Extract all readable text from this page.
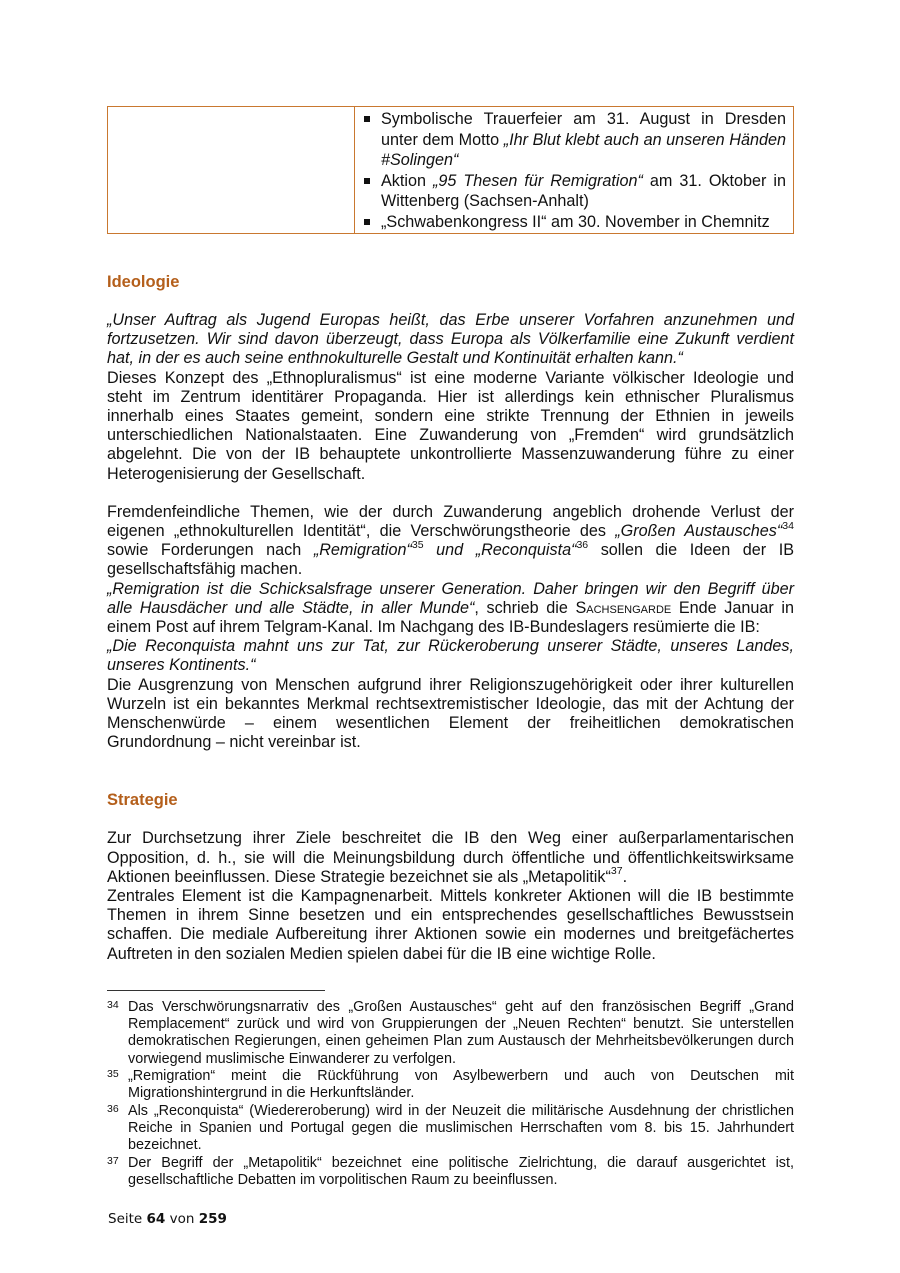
Symbolische Trauerfeier am 31. August in Dresden unter dem Motto „Ihr Blut klebt auch an unseren Händen #Solingen“
Aktion „95 Thesen für Remigration“ am 31. Oktober in Wittenberg (Sachsen-Anhalt)
„Schwabenkongress II“ am 30. November in Chemnitz
Ideologie

„Unser Auftrag als Jugend Europas heißt, das Erbe unserer Vorfahren anzunehmen und fortzusetzen. Wir sind davon überzeugt, dass Europa als Völkerfamilie eine Zukunft verdient hat, in der es auch seine enthnokulturelle Gestalt und Kontinuität erhalten kann.“

Dieses Konzept des „Ethnopluralismus“ ist eine moderne Variante völkischer Ideologie und steht im Zentrum identitärer Propaganda. Hier ist allerdings kein ethnischer Pluralismus innerhalb eines Staates gemeint, sondern eine strikte Trennung der Ethnien in jeweils unterschiedlichen Nationalstaaten. Eine Zuwanderung von „Fremden“ wird grundsätzlich abgelehnt. Die von der IB behauptete unkontrollierte Massenzuwanderung führe zu einer Heterogenisierung der Gesellschaft.

Fremdenfeindliche Themen, wie der durch Zuwanderung angeblich drohende Verlust der eigenen „ethnokulturellen Identität“, die Verschwörungstheorie des „Großen Austausches“$^{34}$ sowie Forderungen nach „Remigration“$^{35}$ und „Reconquista“$^{36}$ sollen die Ideen der IB gesellschaftsfähig machen.

„Remigration ist die Schicksalsfrage unserer Generation. Daher bringen wir den Begriff über alle Hausdächer und alle Städte, in aller Munde“, schrieb die Sachsengarde Ende Januar in einem Post auf ihrem Telgram-Kanal. Im Nachgang des IB-Bundeslagers resümierte die IB:

„Die Reconquista mahnt uns zur Tat, zur Rückeroberung unserer Städte, unseres Landes, unseres Kontinents.“

Die Ausgrenzung von Menschen aufgrund ihrer Religionszugehörigkeit oder ihrer kulturellen Wurzeln ist ein bekanntes Merkmal rechtsextremistischer Ideologie, das mit der Achtung der Menschenwürde – einem wesentlichen Element der freiheitlichen demokratischen Grundordnung – nicht vereinbar ist.

Strategie

Zur Durchsetzung ihrer Ziele beschreitet die IB den Weg einer außerparlamentarischen Opposition, d. h., sie will die Meinungsbildung durch öffentliche und öffentlichkeitswirksame Aktionen beeinflussen. Diese Strategie bezeichnet sie als „Metapolitik“$^{37}$.

Zentrales Element ist die Kampagnenarbeit. Mittels konkreter Aktionen will die IB bestimmte Themen in ihrem Sinne besetzen und ein entsprechendes gesellschaftliches Bewusstsein schaffen. Die mediale Aufbereitung ihrer Aktionen sowie ein modernes und breitgefächertes Auftreten in den sozialen Medien spielen dabei für die IB eine wichtige Rolle.

34 Das Verschwörungsnarrativ des „Großen Austausches“ geht auf den französischen Begriff „Grand Remplacement“ zurück und wird von Gruppierungen der „Neuen Rechten“ benutzt. Sie unterstellen demokratischen Regierungen, einen geheimen Plan zum Austausch der Mehrheitsbevölkerungen durch vorwiegend muslimische Einwanderer zu verfolgen.

35 „Remigration“ meint die Rückführung von Asylbewerbern und auch von Deutschen mit Migrationshintergrund in die Herkunftsländer.

36 Als „Reconquista“ (Wiedereroberung) wird in der Neuzeit die militärische Ausdehnung der christlichen Reiche in Spanien und Portugal gegen die muslimischen Herrschaften vom 8. bis 15. Jahrhundert bezeichnet.

37 Der Begriff der „Metapolitik“ bezeichnet eine politische Zielrichtung, die darauf ausgerichtet ist, gesellschaftliche Debatten im vorpolitischen Raum zu beeinflussen.

Seite 64 von 259
